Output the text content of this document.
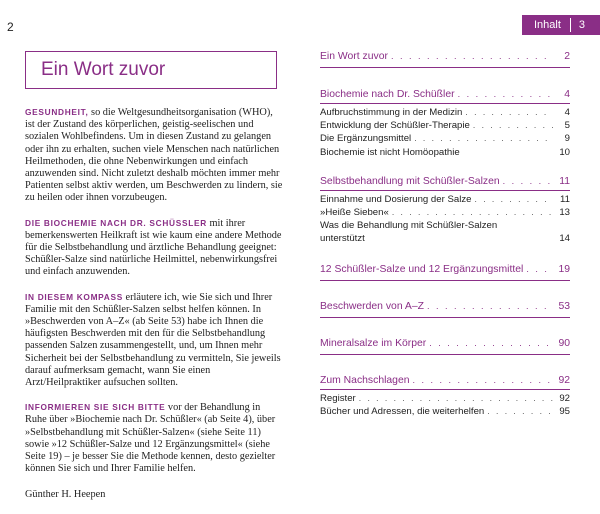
2	Inhalt 3
Ein Wort zuvor

GESUNDHEIT, so die Weltgesundheitsorganisation (WHO), ist der Zustand des körperlichen, geistig-seelischen und sozialen Wohlbefindens. Um in diesen Zustand zu gelangen oder ihn zu erhalten, suchen viele Menschen nach natürlichen Heilmethoden, die ohne Nebenwirkungen und einfach anzuwenden sind. Nicht zuletzt deshalb möchten immer mehr Patienten selbst aktiv werden, um Beschwerden zu lindern, sie zu heilen oder ihnen vorzubeugen.

DIE BIOCHEMIE NACH DR. SCHÜSSLER mit ihrer bemerkenswerten Heilkraft ist wie kaum eine andere Methode für die Selbstbehandlung und ärztliche Behandlung geeignet: Schüßler-Salze sind natürliche Heilmittel, nebenwirkungsfrei und einfach anzuwenden.

IN DIESEM KOMPASS erläutere ich, wie Sie sich und Ihrer Familie mit den Schüßler-Salzen selbst helfen können. In »Beschwerden von A–Z« (ab Seite 53) habe ich Ihnen die häufigsten Beschwerden mit den für die Selbstbehandlung passenden Salzen zusammengestellt, und, um Ihnen mehr Sicherheit bei der Selbstbehandlung zu vermitteln, Sie jeweils darauf aufmerksam gemacht, wann Sie einen Arzt/Heilpraktiker aufsuchen sollten.

INFORMIEREN SIE SICH BITTE vor der Behandlung in Ruhe über »Biochemie nach Dr. Schüßler« (ab Seite 4), über »Selbstbehandlung mit Schüßler-Salzen« (siehe Seite 11) sowie »12 Schüßler-Salze und 12 Ergänzungsmittel« (siehe Seite 19) – je besser Sie die Methode kennen, desto gezielter können Sie sich und Ihrer Familie helfen.

Günther H. Heepen

Ein Wort zuvor . . .	2
Biochemie nach Dr. Schüßler . . .	4
Aufbruchstimmung in der Medizin . . .	4
Entwicklung der Schüßler-Therapie . . .	5
Die Ergänzungsmittel . . .	9
Biochemie ist nicht Homöopathie	10
Selbstbehandlung mit Schüßler-Salzen . . .	11
Einnahme und Dosierung der Salze . . .	11
»Heiße Sieben« . . .	13
Was die Behandlung mit Schüßler-Salzen
unterstützt	14
12 Schüßler-Salze und 12 Ergänzungsmittel . . .	19
Beschwerden von A–Z . . .	53
Mineralsalze im Körper . . .	90
Zum Nachschlagen . . .	92
Register . . .	92
Bücher und Adressen, die weiterhelfen . . .	95
